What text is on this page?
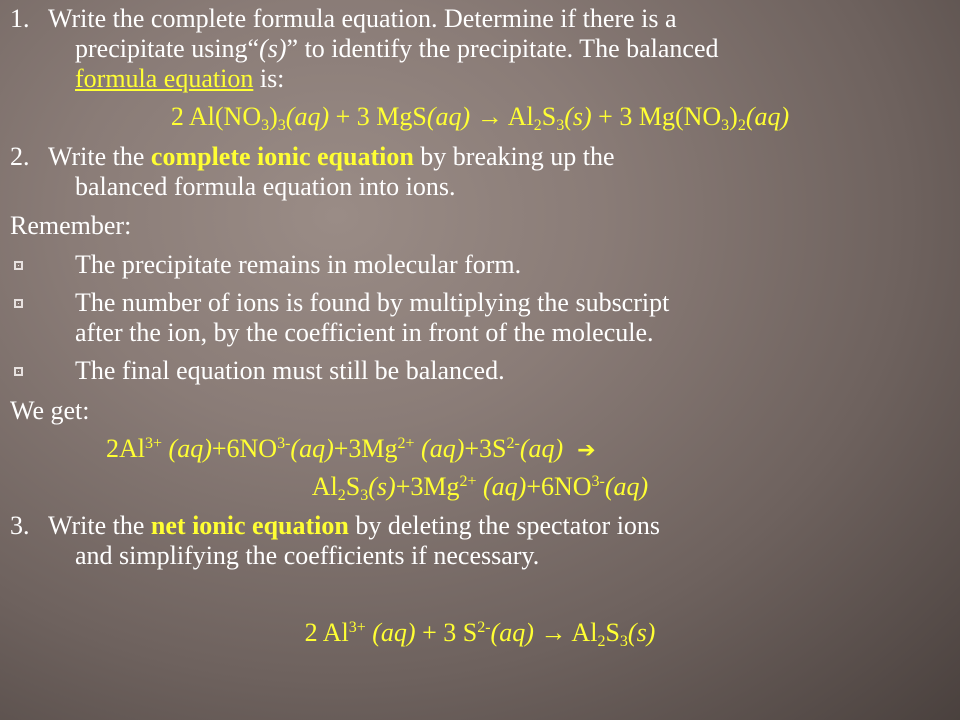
1. Write the complete formula equation. Determine if there is a
precipitate using“(s)” to identify the precipitate. The balanced
formula equation is:
2 $Al(NO_3)_3(aq) + 3$ $MgS(aq) \to Al_2S_3(s) + 3$ $Mg(NO_3)_2(aq)$
2. Write the complete ionic equation by breaking up the
balanced formula equation into ions.
Remember:
The precipitate remains in molecular form.
The number of ions is found by multiplying the subscript
after the ion, by the coefficient in front of the molecule.
The final equation must still be balanced.
We get:
$2Al^{3+}$ $(aq)+6NO^{3-}(aq)+3Mg^{2+}$ $(aq)+3S^{2-}(aq)$ ➔
$Al_2S_3(s)+3Mg^{2+}$ $(aq)+6NO^{3-}(aq)$
3. Write the net ionic equation by deleting the spectator ions
and simplifying the coefficients if necessary.
2 $Al^{3+}$ (aq) + 3 $S^{2-}(aq) \to Al_2S_3(s)$
